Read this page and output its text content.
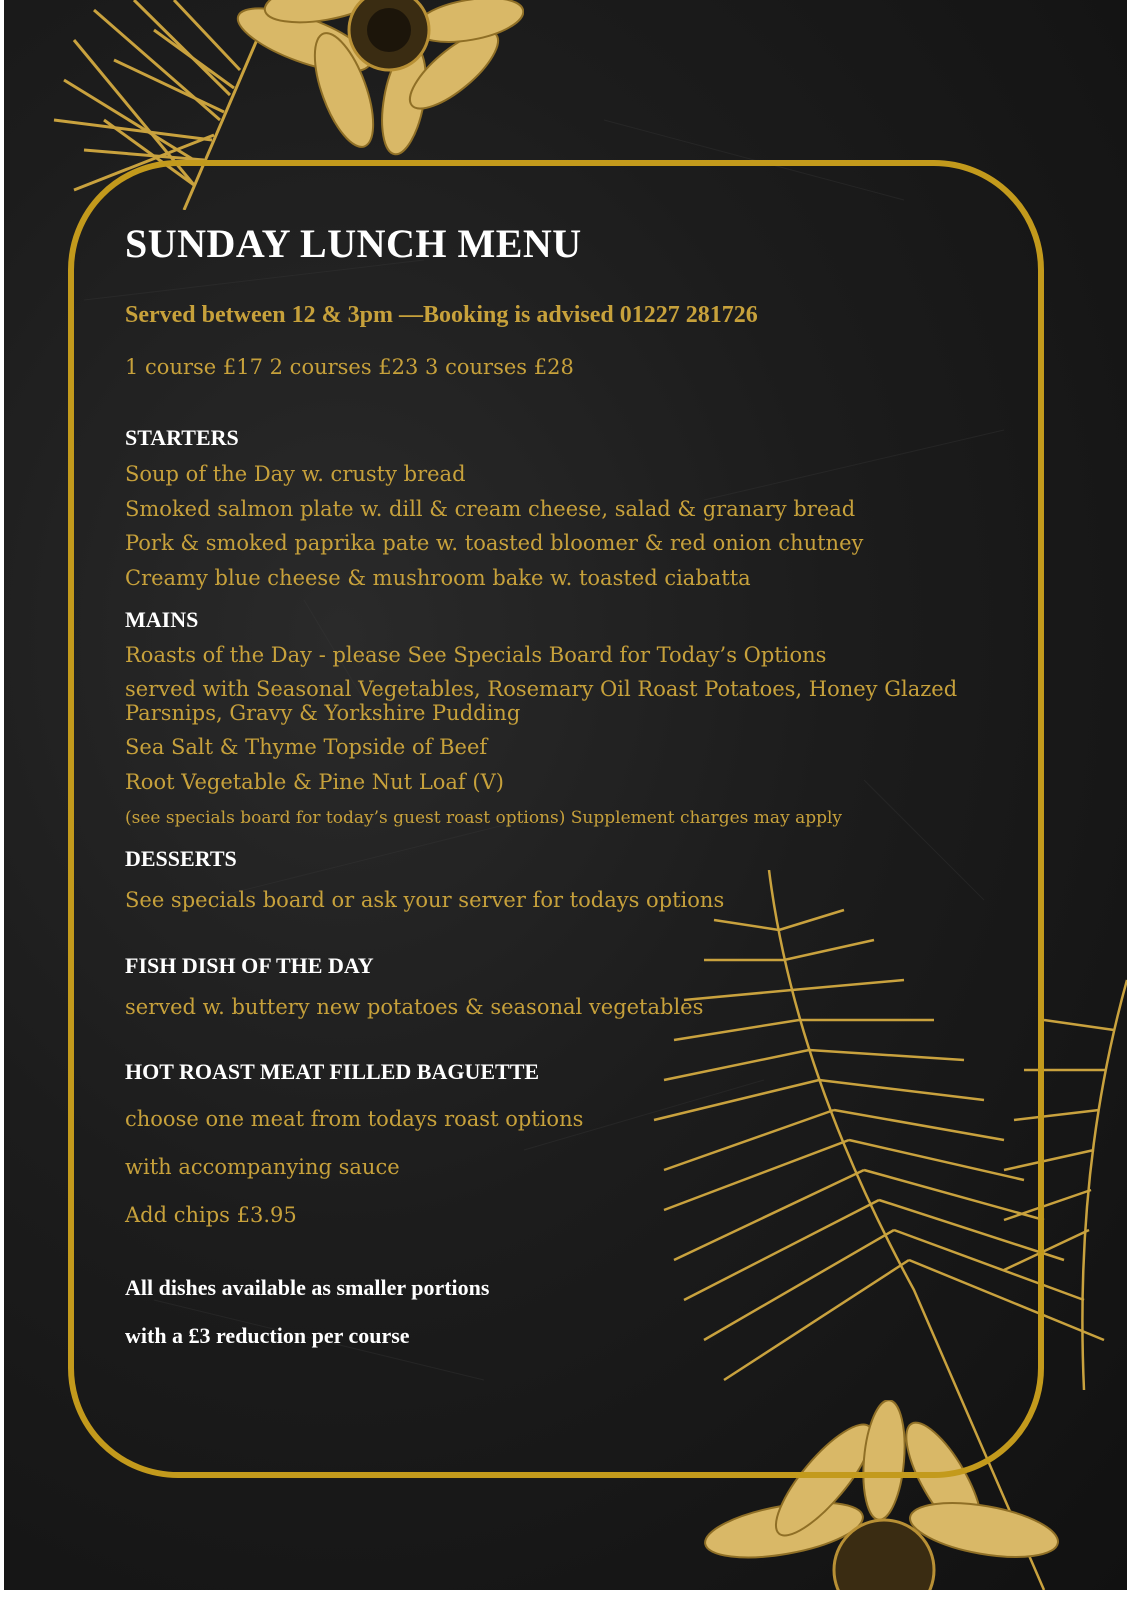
SUNDAY LUNCH MENU

Served between 12 & 3pm —Booking is advised 01227 281726

1 course £17 2 courses £23 3 courses £28

STARTERS

Soup of the Day w. crusty bread

Smoked salmon plate w. dill & cream cheese, salad & granary bread

Pork & smoked paprika pate w. toasted bloomer & red onion chutney

Creamy blue cheese & mushroom bake w. toasted ciabatta

MAINS

Roasts of the Day - please See Specials Board for Today’s Options

served with Seasonal Vegetables, Rosemary Oil Roast Potatoes, Honey Glazed Parsnips, Gravy & Yorkshire Pudding

Sea Salt & Thyme Topside of Beef

Root Vegetable & Pine Nut Loaf (V)

(see specials board for today’s guest roast options) Supplement charges may apply

DESSERTS

See specials board or ask your server for todays options

FISH DISH OF THE DAY

served w. buttery new potatoes & seasonal vegetables

HOT ROAST MEAT FILLED BAGUETTE

choose one meat from todays roast options

with accompanying sauce

Add chips £3.95

All dishes available as smaller portions

with a £3 reduction per course
